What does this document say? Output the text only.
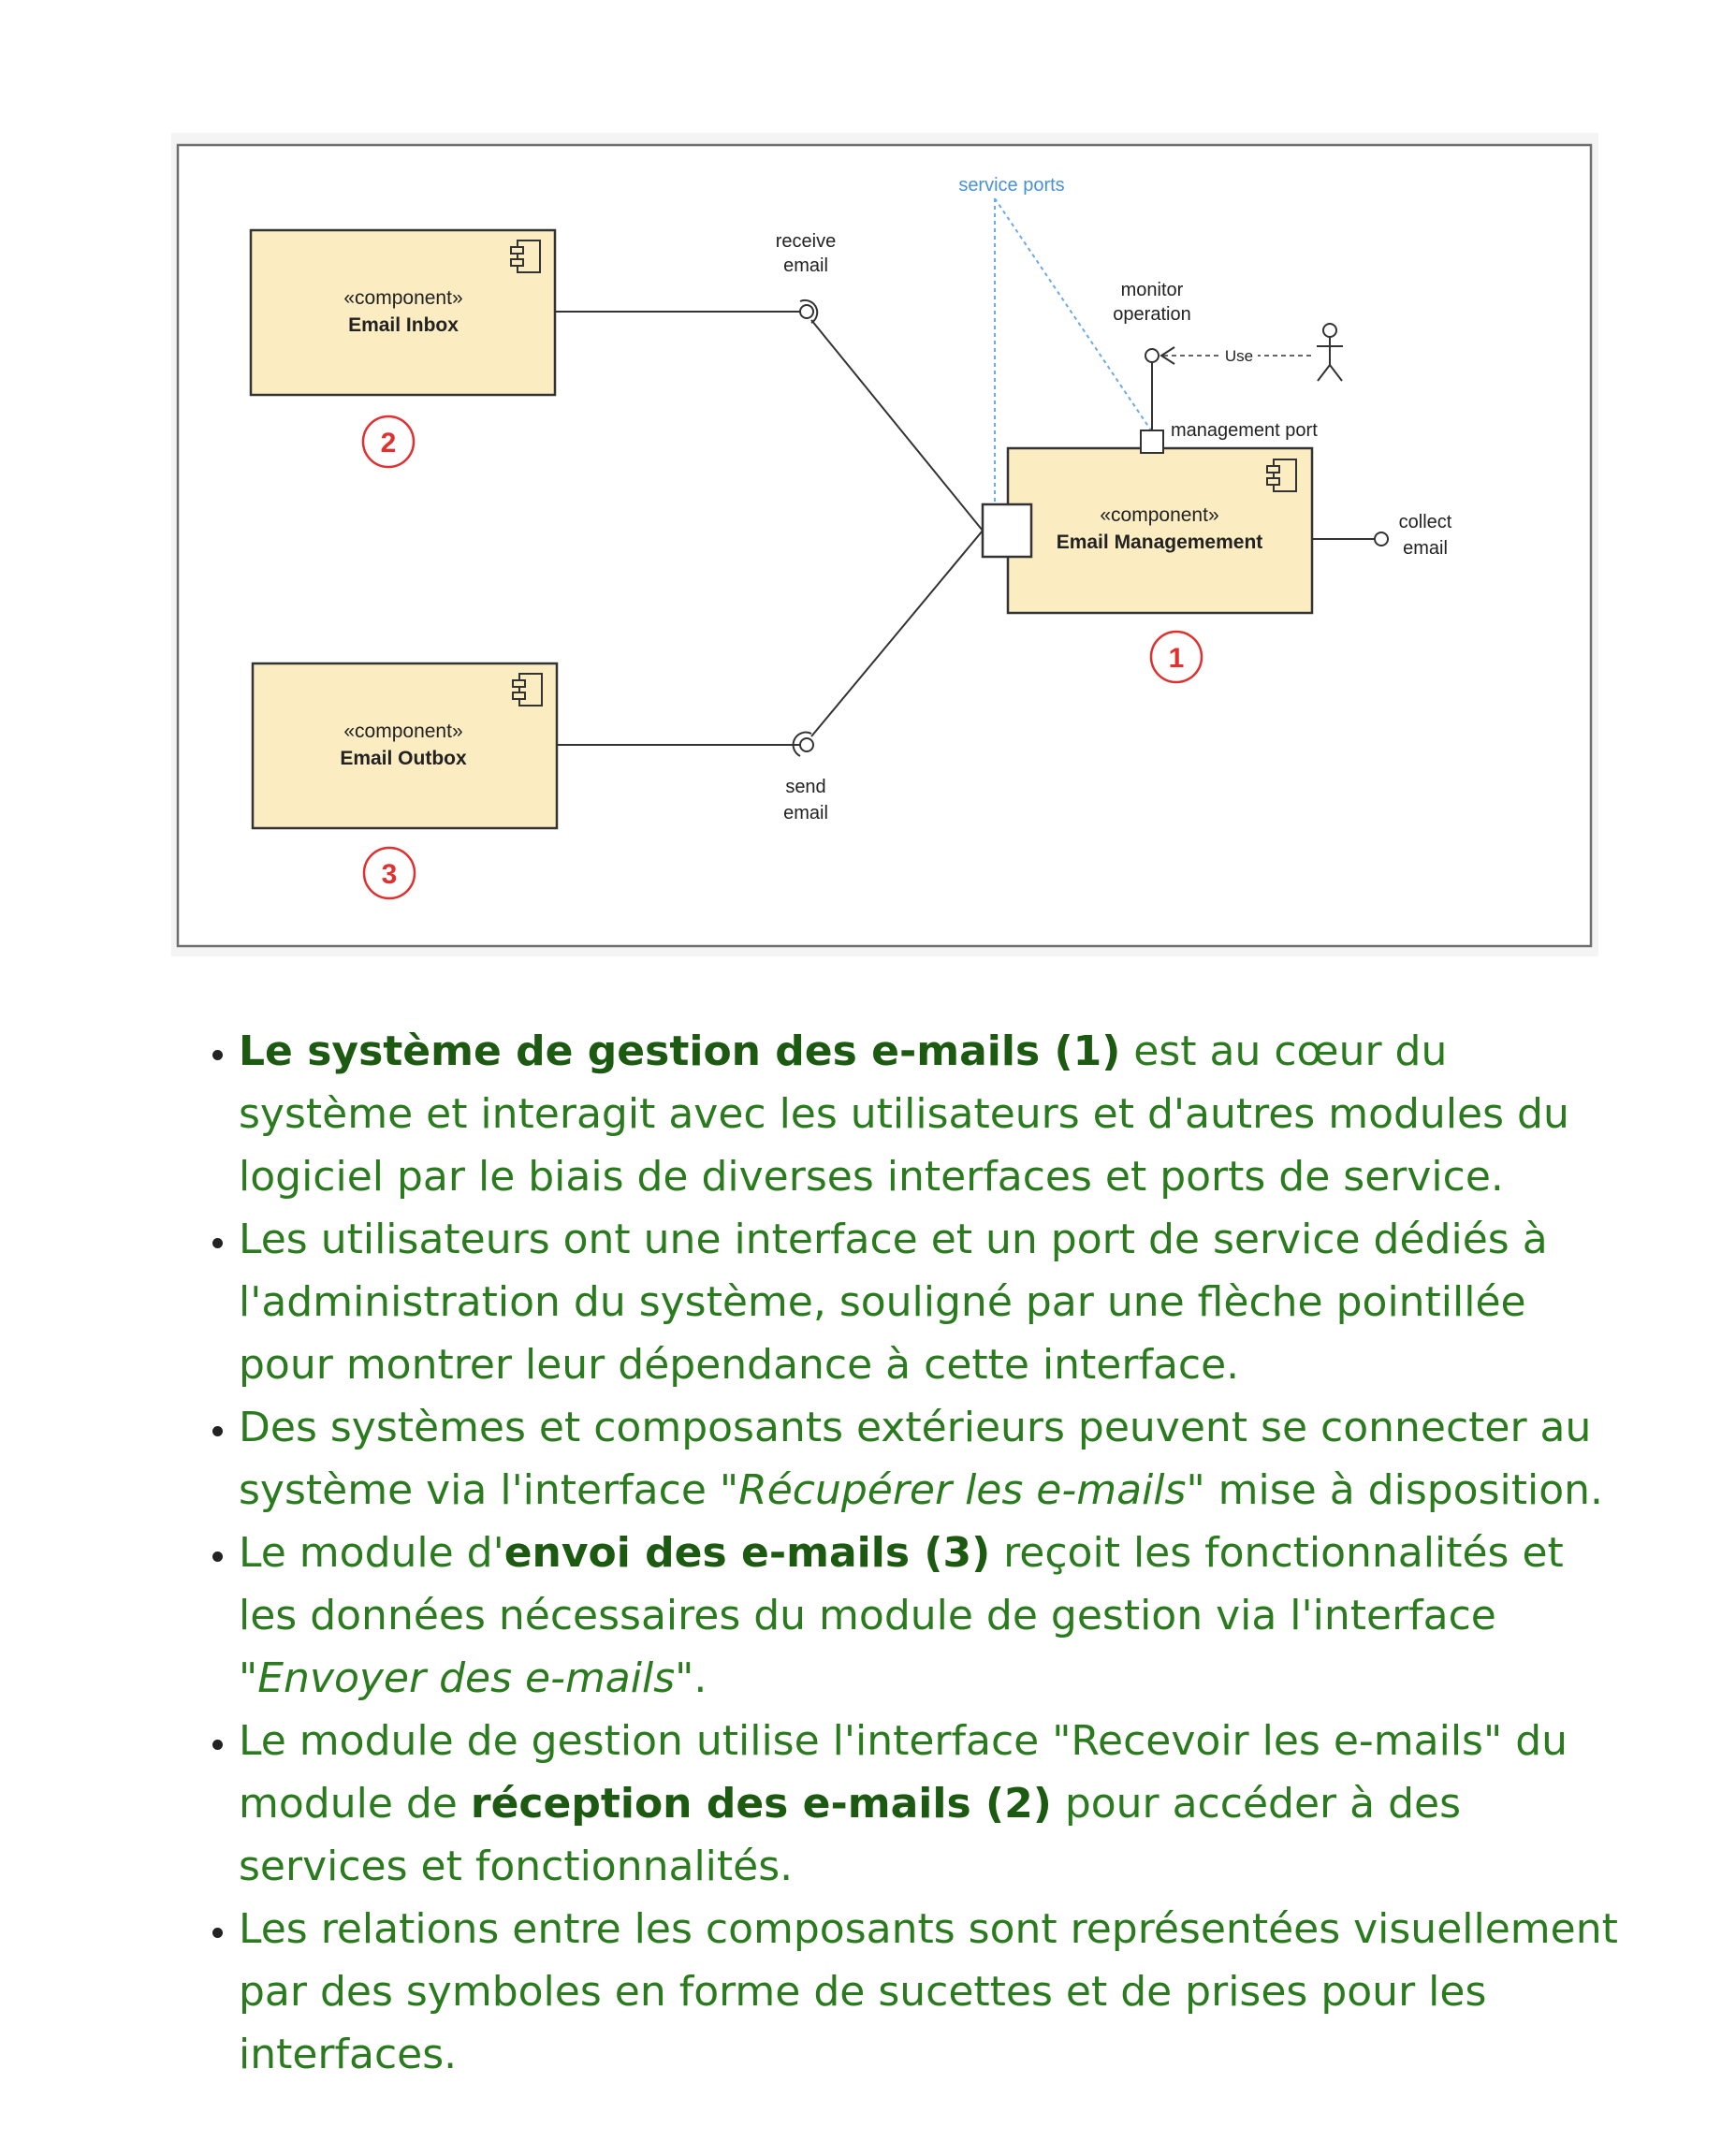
service ports
«component»
Email Inbox
2
«component»
Email Outbox
3
«component»
Email Managemement
1
receive
email
send
email
management port
monitor
operation
Use
collect
email
• Le système de gestion des e-mails (1) est au cœur du système et interagit avec les utilisateurs et d'autres modules du logiciel par le biais de diverses interfaces et ports de service.
• Les utilisateurs ont une interface et un port de service dédiés à l'administration du système, souligné par une flèche pointillée pour montrer leur dépendance à cette interface.
• Des systèmes et composants extérieurs peuvent se connecter au système via l'interface "Récupérer les e-mails" mise à disposition.
• Le module d'envoi des e-mails (3) reçoit les fonctionnalités et les données nécessaires du module de gestion via l'interface "Envoyer des e-mails".
• Le module de gestion utilise l'interface "Recevoir les e-mails" du module de réception des e-mails (2) pour accéder à des services et fonctionnalités.
• Les relations entre les composants sont représentées visuellement par des symboles en forme de sucettes et de prises pour les interfaces.
